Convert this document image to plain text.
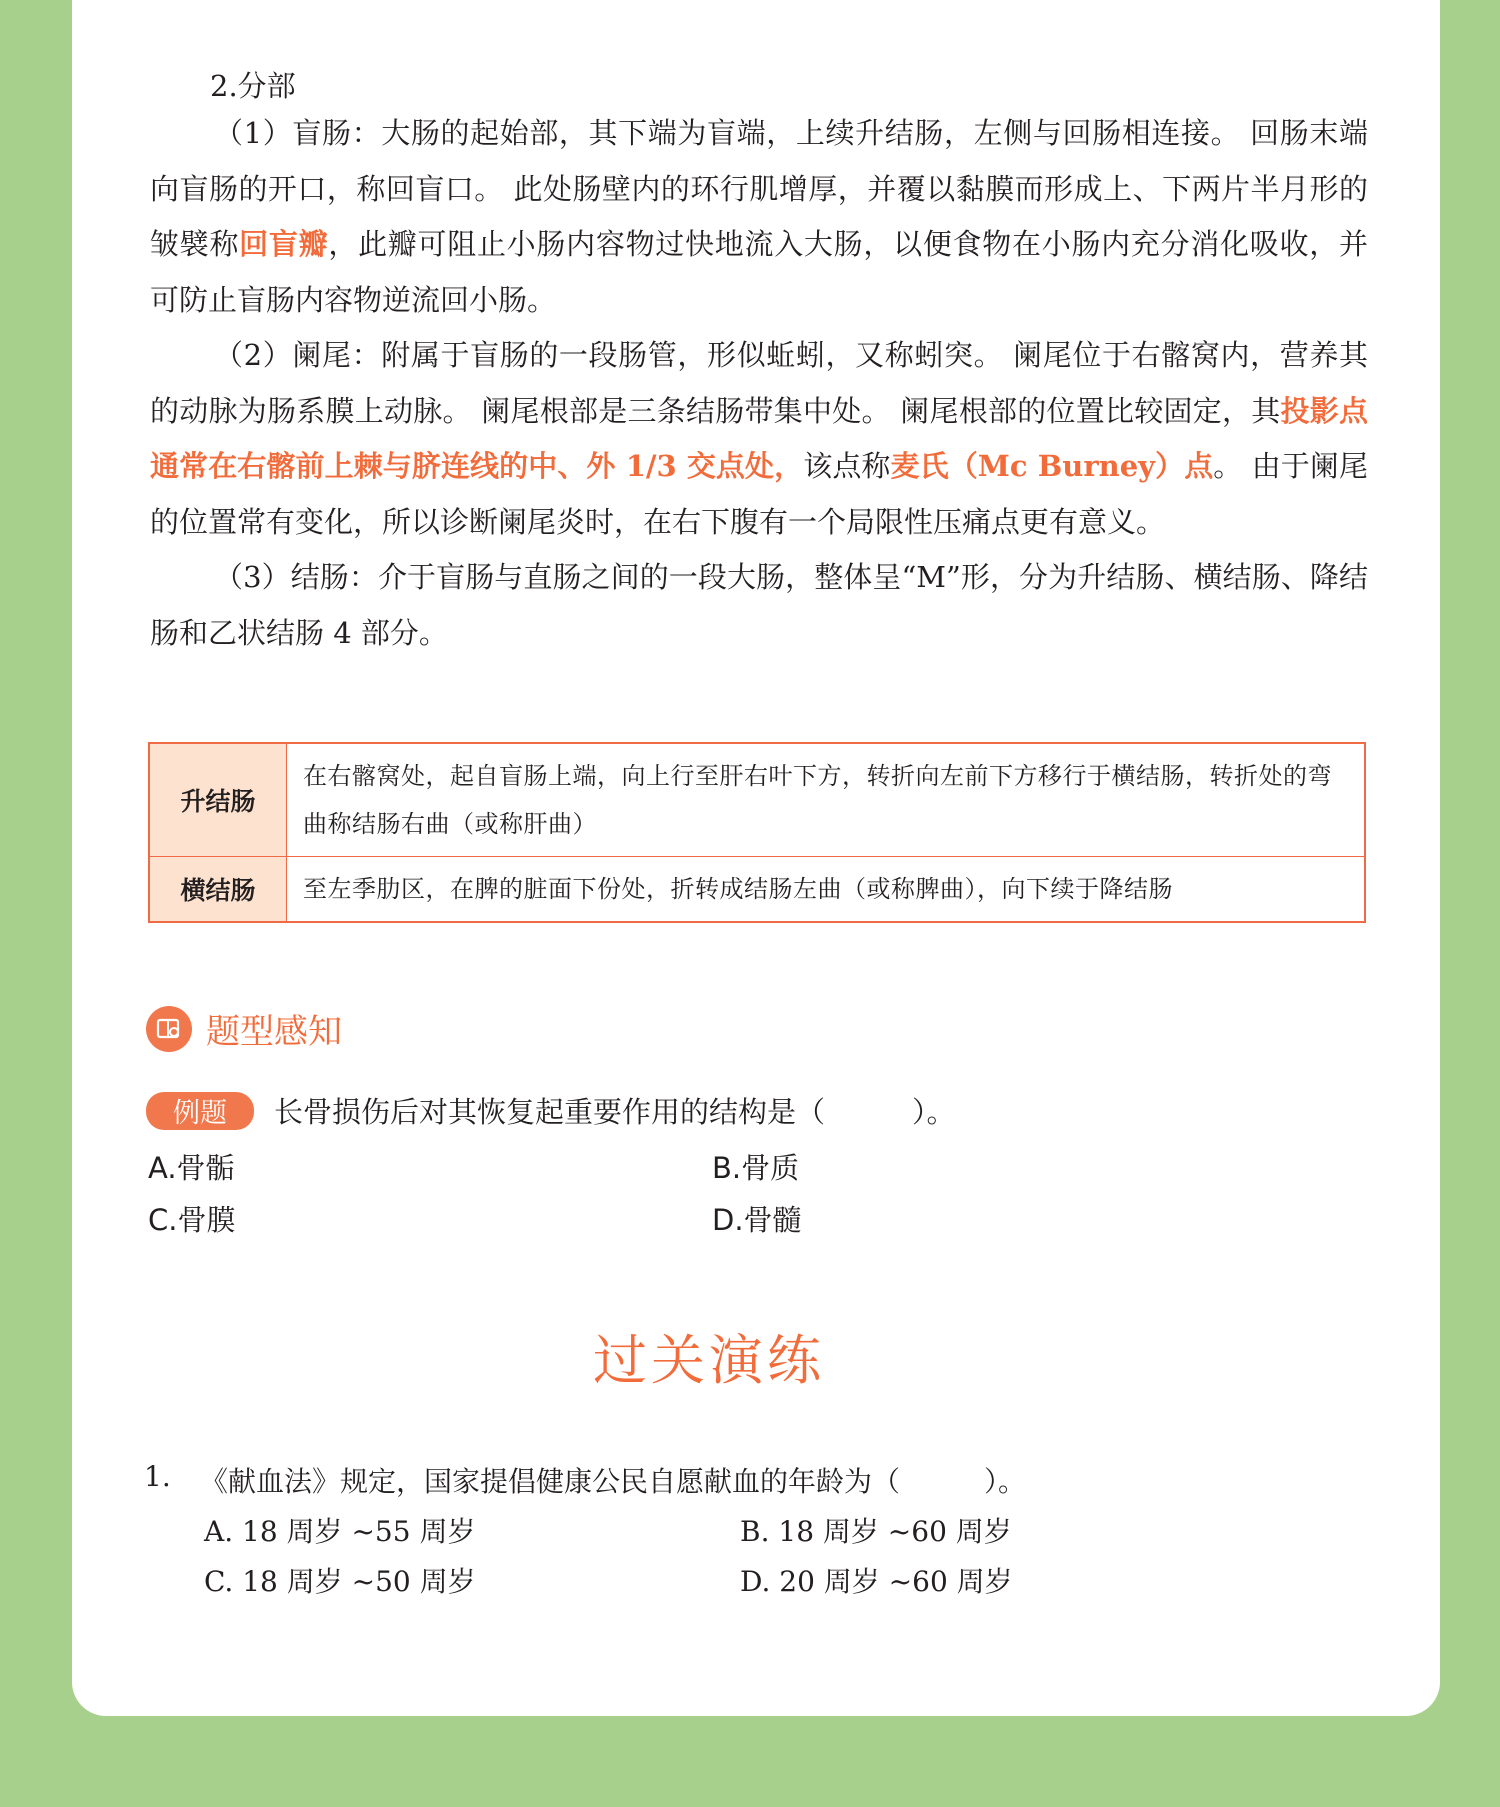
2.分部

（1）盲肠：大肠的起始部，其下端为盲端，上续升结肠，左侧与回肠相连接。 回肠末端向盲肠的开口，称回盲口。 此处肠壁内的环行肌增厚，并覆以黏膜而形成上、下两片半月形的皱襞称回盲瓣，此瓣可阻止小肠内容物过快地流入大肠，以便食物在小肠内充分消化吸收，并可防止盲肠内容物逆流回小肠。

（2）阑尾：附属于盲肠的一段肠管，形似蚯蚓，又称蚓突。 阑尾位于右髂窝内，营养其的动脉为肠系膜上动脉。 阑尾根部是三条结肠带集中处。 阑尾根部的位置比较固定，其投影点通常在右髂前上棘与脐连线的中、外 1/3 交点处，该点称麦氏（Mc Burney）点。 由于阑尾的位置常有变化，所以诊断阑尾炎时，在右下腹有一个局限性压痛点更有意义。

（3）结肠：介于盲肠与直肠之间的一段大肠，整体呈“M”形，分为升结肠、横结肠、降结肠和乙状结肠 4 部分。

升结肠	在右髂窝处，起自盲肠上端，向上行至肝右叶下方，转折向左前下方移行于横结肠，转折处的弯曲称结肠右曲（或称肝曲）
横结肠	至左季肋区，在脾的脏面下份处，折转成结肠左曲（或称脾曲），向下续于降结肠
题型感知
例题	长骨损伤后对其恢复起重要作用的结构是（　　　）。
A.骨骺	B.骨质
C.骨膜	D.骨髓
过关演练
1. 《献血法》规定，国家提倡健康公民自愿献血的年龄为（　　　）。
A. 18 周岁 ~55 周岁	B. 18 周岁 ~60 周岁
C. 18 周岁 ~50 周岁	D. 20 周岁 ~60 周岁
